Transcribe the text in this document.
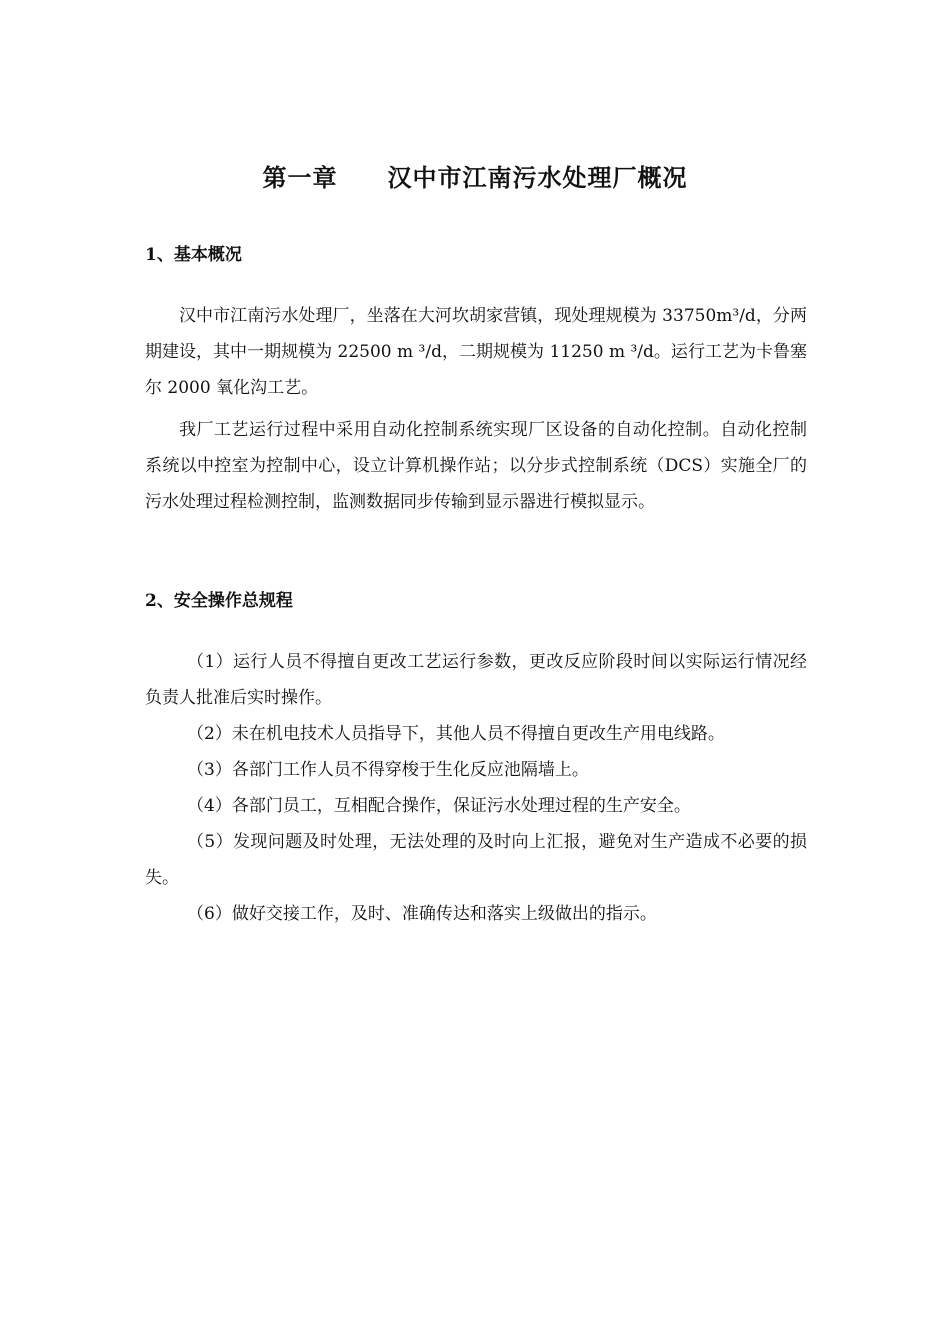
第一章　　汉中市江南污水处理厂概况
1、基本概况

汉中市江南污水处理厂，坐落在大河坎胡家营镇，现处理规模为 33750m³/d，分两期建设，其中一期规模为 22500 m ³/d，二期规模为 11250 m ³/d。运行工艺为卡鲁塞尔 2000 氧化沟工艺。

我厂工艺运行过程中采用自动化控制系统实现厂区设备的自动化控制。自动化控制系统以中控室为控制中心，设立计算机操作站；以分步式控制系统（DCS）实施全厂的污水处理过程检测控制，监测数据同步传输到显示器进行模拟显示。

2、安全操作总规程

（1）运行人员不得擅自更改工艺运行参数，更改反应阶段时间以实际运行情况经负责人批准后实时操作。

（2）未在机电技术人员指导下，其他人员不得擅自更改生产用电线路。

（3）各部门工作人员不得穿梭于生化反应池隔墙上。

（4）各部门员工，互相配合操作，保证污水处理过程的生产安全。

（5）发现问题及时处理，无法处理的及时向上汇报，避免对生产造成不必要的损失。

（6）做好交接工作，及时、准确传达和落实上级做出的指示。
